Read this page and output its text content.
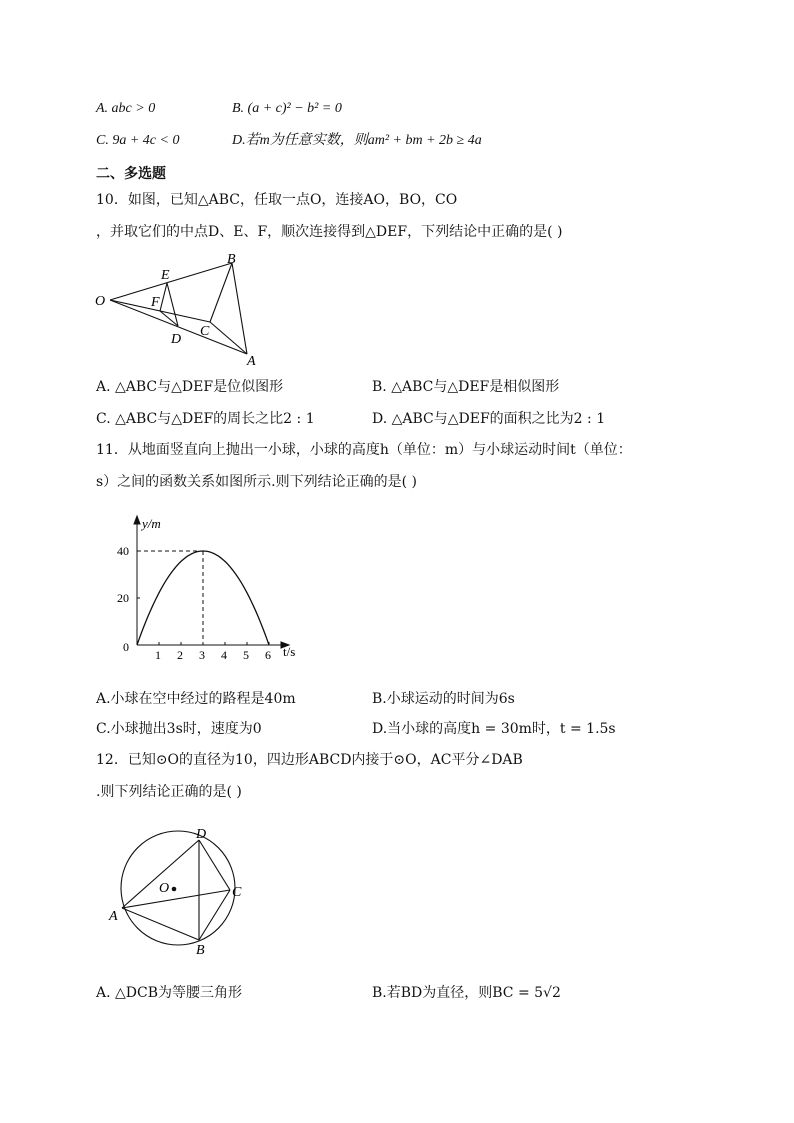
A. abc > 0	B. (a + c)² − b² = 0
C. 9a + 4c < 0	D.若m为任意实数，则am² + bm + 2b ≥ 4a
二、多选题
10．如图，已知△ABC，任取一点O，连接AO，BO，CO
，并取它们的中点D、E、F，顺次连接得到△DEF，下列结论中正确的是( )
O
E
B
F
C
D
A
A. △ABC与△DEF是位似图形	B. △ABC与△DEF是相似图形
C. △ABC与△DEF的周长之比2 : 1	D. △ABC与△DEF的面积之比为2 : 1
11．从地面竖直向上抛出一小球，小球的高度h（单位：m）与小球运动时间t（单位：
s）之间的函数关系如图所示.则下列结论正确的是( )
1 2 3 4 5 6
20
40
y/m
t/s
0
A.小球在空中经过的路程是40m	B.小球运动的时间为6s
C.小球抛出3s时，速度为0	D.当小球的高度h = 30m时，t = 1.5s
12．已知⊙O的直径为10，四边形ABCD内接于⊙O，AC平分∠DAB
.则下列结论正确的是( )
D
O	C
A
B
A. △DCB为等腰三角形	B.若BD为直径，则BC = 5√2
